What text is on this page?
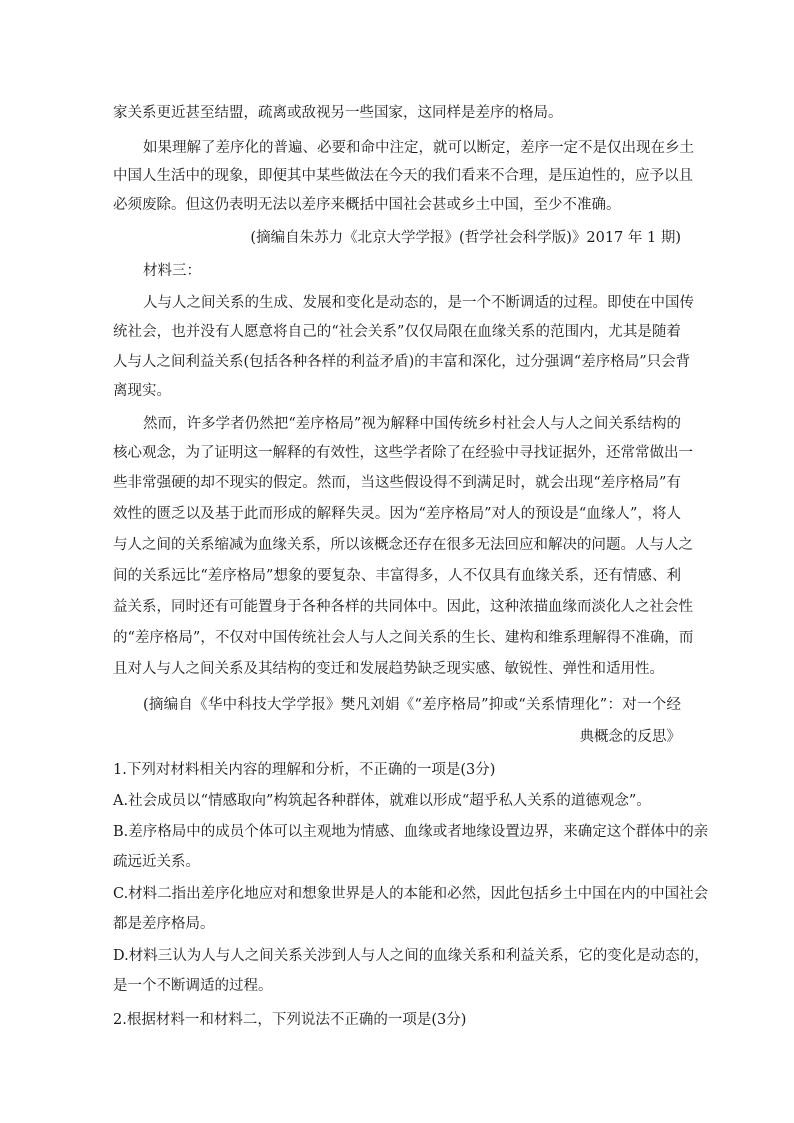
家关系更近甚至结盟，疏离或敌视另一些国家，这同样是差序的格局。
如果理解了差序化的普遍、必要和命中注定，就可以断定，差序一定不是仅出现在乡土
中国人生活中的现象，即便其中某些做法在今天的我们看来不合理，是压迫性的，应予以且
必须废除。但这仍表明无法以差序来概括中国社会甚或乡土中国，至少不准确。
(摘编自朱苏力《北京大学学报》(哲学社会科学版)》2017 年 1 期)
材料三：
人与人之间关系的生成、发展和变化是动态的，是一个不断调适的过程。即使在中国传
统社会，也并没有人愿意将自己的“社会关系”仅仅局限在血缘关系的范围内，尤其是随着
人与人之间利益关系(包括各种各样的利益矛盾)的丰富和深化，过分强调“差序格局”只会背
离现实。
然而，许多学者仍然把“差序格局”视为解释中国传统乡村社会人与人之间关系结构的
核心观念，为了证明这一解释的有效性，这些学者除了在经验中寻找证据外，还常常做出一
些非常强硬的却不现实的假定。然而，当这些假设得不到满足时，就会出现“差序格局”有
效性的匮乏以及基于此而形成的解释失灵。因为“差序格局”对人的预设是“血缘人”，将人
与人之间的关系缩减为血缘关系，所以该概念还存在很多无法回应和解决的问题。人与人之
间的关系远比“差序格局”想象的要复杂、丰富得多，人不仅具有血缘关系，还有情感、利
益关系，同时还有可能置身于各种各样的共同体中。因此，这种浓描血缘而淡化人之社会性
的“差序格局”，不仅对中国传统社会人与人之间关系的生长、建构和维系理解得不准确，而
且对人与人之间关系及其结构的变迁和发展趋势缺乏现实感、敏锐性、弹性和适用性。
(摘编自《华中科技大学学报》樊凡刘娟《“差序格局”抑或“关系情理化”：对一个经
典概念的反思》
1.下列对材料相关内容的理解和分析，不正确的一项是(3分)
A.社会成员以“情感取向”构筑起各种群体，就难以形成“超乎私人关系的道德观念”。
B.差序格局中的成员个体可以主观地为情感、血缘或者地缘设置边界，来确定这个群体中的亲
疏远近关系。
C.材料二指出差序化地应对和想象世界是人的本能和必然，因此包括乡土中国在内的中国社会
都是差序格局。
D.材料三认为人与人之间关系关涉到人与人之间的血缘关系和利益关系，它的变化是动态的，
是一个不断调适的过程。
2.根据材料一和材料二，下列说法不正确的一项是(3分)
